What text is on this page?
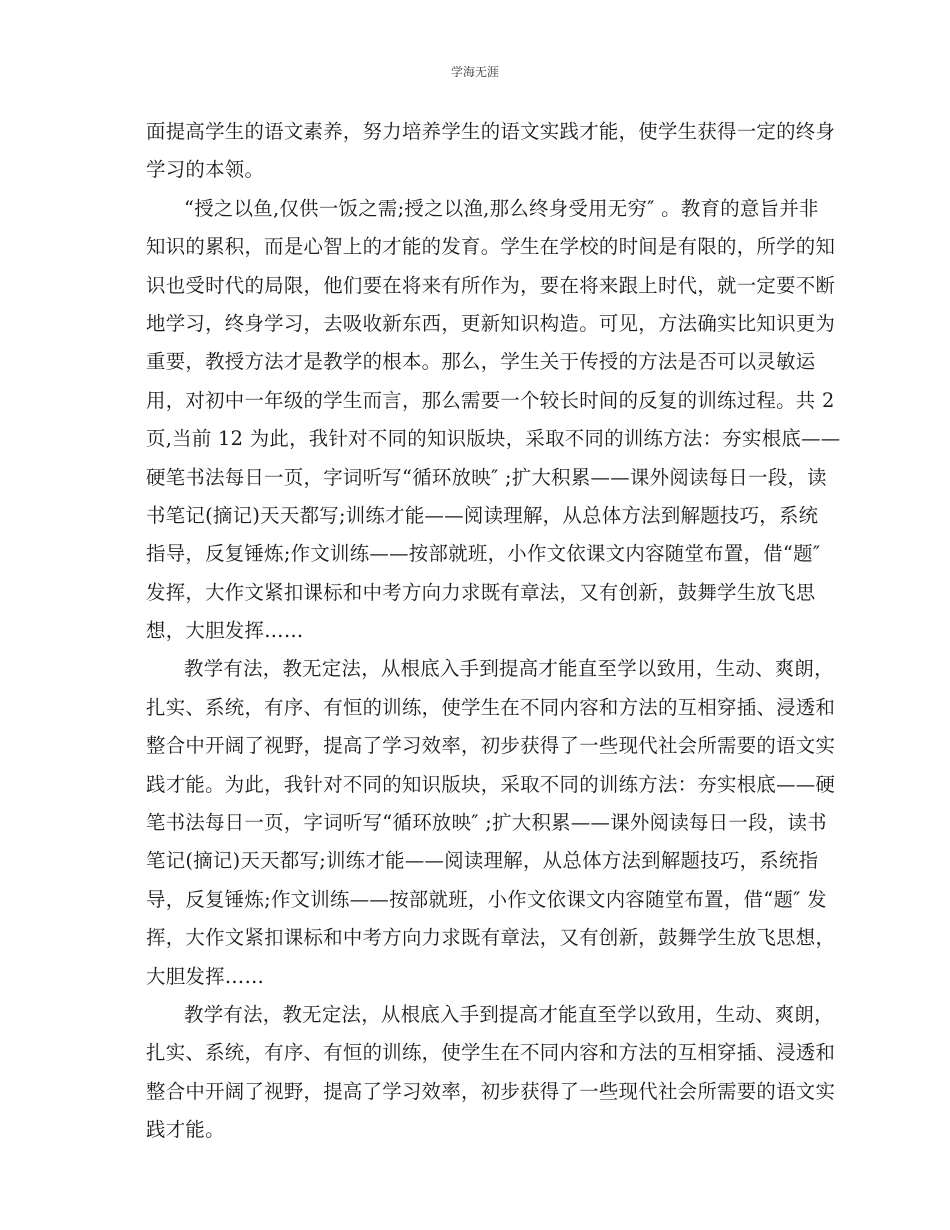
学海无涯
面提高学生的语文素养，努力培养学生的语文实践才能，使学生获得一定的终身
学习的本领。
“授之以鱼,仅供一饭之需;授之以渔,那么终身受用无穷″ 。教育的意旨并非
知识的累积，而是心智上的才能的发育。学生在学校的时间是有限的，所学的知
识也受时代的局限，他们要在将来有所作为，要在将来跟上时代，就一定要不断
地学习，终身学习，去吸收新东西，更新知识构造。可见，方法确实比知识更为
重要，教授方法才是教学的根本。那么，学生关于传授的方法是否可以灵敏运
用，对初中一年级的学生而言，那么需要一个较长时间的反复的训练过程。共 2
页,当前 12 为此，我针对不同的知识版块，采取不同的训练方法：夯实根底——
硬笔书法每日一页，字词听写“循环放映″ ;扩大积累——课外阅读每日一段，读
书笔记(摘记)天天都写;训练才能——阅读理解，从总体方法到解题技巧，系统
指导，反复锤炼;作文训练——按部就班，小作文依课文内容随堂布置，借“题″
发挥，大作文紧扣课标和中考方向力求既有章法，又有创新，鼓舞学生放飞思
想，大胆发挥……
教学有法，教无定法，从根底入手到提高才能直至学以致用，生动、爽朗，
扎实、系统，有序、有恒的训练，使学生在不同内容和方法的互相穿插、浸透和
整合中开阔了视野，提高了学习效率，初步获得了一些现代社会所需要的语文实
践才能。为此，我针对不同的知识版块，采取不同的训练方法：夯实根底——硬
笔书法每日一页，字词听写“循环放映″ ;扩大积累——课外阅读每日一段，读书
笔记(摘记)天天都写;训练才能——阅读理解，从总体方法到解题技巧，系统指
导，反复锤炼;作文训练——按部就班，小作文依课文内容随堂布置，借“题″ 发
挥，大作文紧扣课标和中考方向力求既有章法，又有创新，鼓舞学生放飞思想，
大胆发挥……
教学有法，教无定法，从根底入手到提高才能直至学以致用，生动、爽朗，
扎实、系统，有序、有恒的训练，使学生在不同内容和方法的互相穿插、浸透和
整合中开阔了视野，提高了学习效率，初步获得了一些现代社会所需要的语文实
践才能。
